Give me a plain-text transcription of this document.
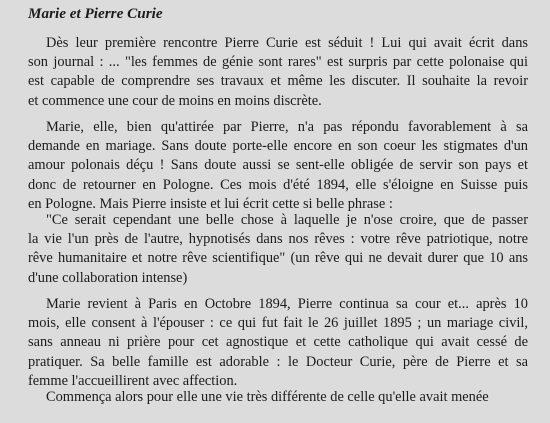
Marie et Pierre Curie
Dès leur première rencontre Pierre Curie est séduit ! Lui qui avait écrit dans
son journal : ... "les femmes de génie sont rares" est surpris par cette polonaise qui
est capable de comprendre ses travaux et même les discuter. Il souhaite la revoir
et commence une cour de moins en moins discrète.
Marie, elle, bien qu'attirée par Pierre, n'a pas répondu favorablement à sa
demande en mariage. Sans doute porte-elle encore en son coeur les stigmates d'un
amour polonais déçu ! Sans doute aussi se sent-elle obligée de servir son pays et
donc de retourner en Pologne. Ces mois d'été 1894, elle s'éloigne en Suisse puis
en Pologne. Mais Pierre insiste et lui écrit cette si belle phrase :
"Ce serait cependant une belle chose à laquelle je n'ose croire, que de passer
la vie l'un près de l'autre, hypnotisés dans nos rêves : votre rêve patriotique, notre
rêve humanitaire et notre rêve scientifique" (un rêve qui ne devait durer que 10 ans
d'une collaboration intense)
Marie revient à Paris en Octobre 1894, Pierre continua sa cour et... après 10
mois, elle consent à l'épouser : ce qui fut fait le 26 juillet 1895 ; un mariage civil,
sans anneau ni prière pour cet agnostique et cette catholique qui avait cessé de
pratiquer. Sa belle famille est adorable : le Docteur Curie, père de Pierre et sa
femme l'accueillirent avec affection.
Commença alors pour elle une vie très différente de celle qu'elle avait menée
